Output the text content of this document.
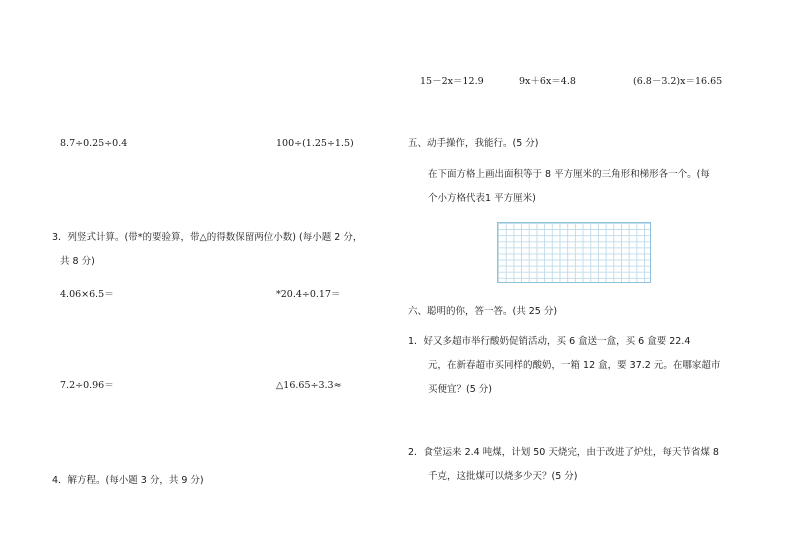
8.7÷0.25÷0.4	100÷(1.25÷1.5)
3．列竖式计算。(带*的要验算，带△的得数保留两位小数) (每小题 2 分，
共 8 分)
4.06×6.5＝	*20.4÷0.17＝
7.2÷0.96＝	△16.65÷3.3≈
4．解方程。(每小题 3 分，共 9 分)
15－2x＝12.9	9x＋6x＝4.8	(6.8－3.2)x＝16.65
五、动手操作，我能行。(5 分)
在下面方格上画出面积等于 8 平方厘米的三角形和梯形各一个。(每
个小方格代表1 平方厘米)
六、聪明的你，答一答。(共 25 分)
1．好又多超市举行酸奶促销活动，买 6 盒送一盒，买 6 盒要 22.4
元，在新春超市买同样的酸奶，一箱 12 盒，要 37.2 元。在哪家超市
买便宜？(5 分)
2．食堂运来 2.4 吨煤，计划 50 天烧完，由于改进了炉灶，每天节省煤 8
千克，这批煤可以烧多少天？(5 分)
